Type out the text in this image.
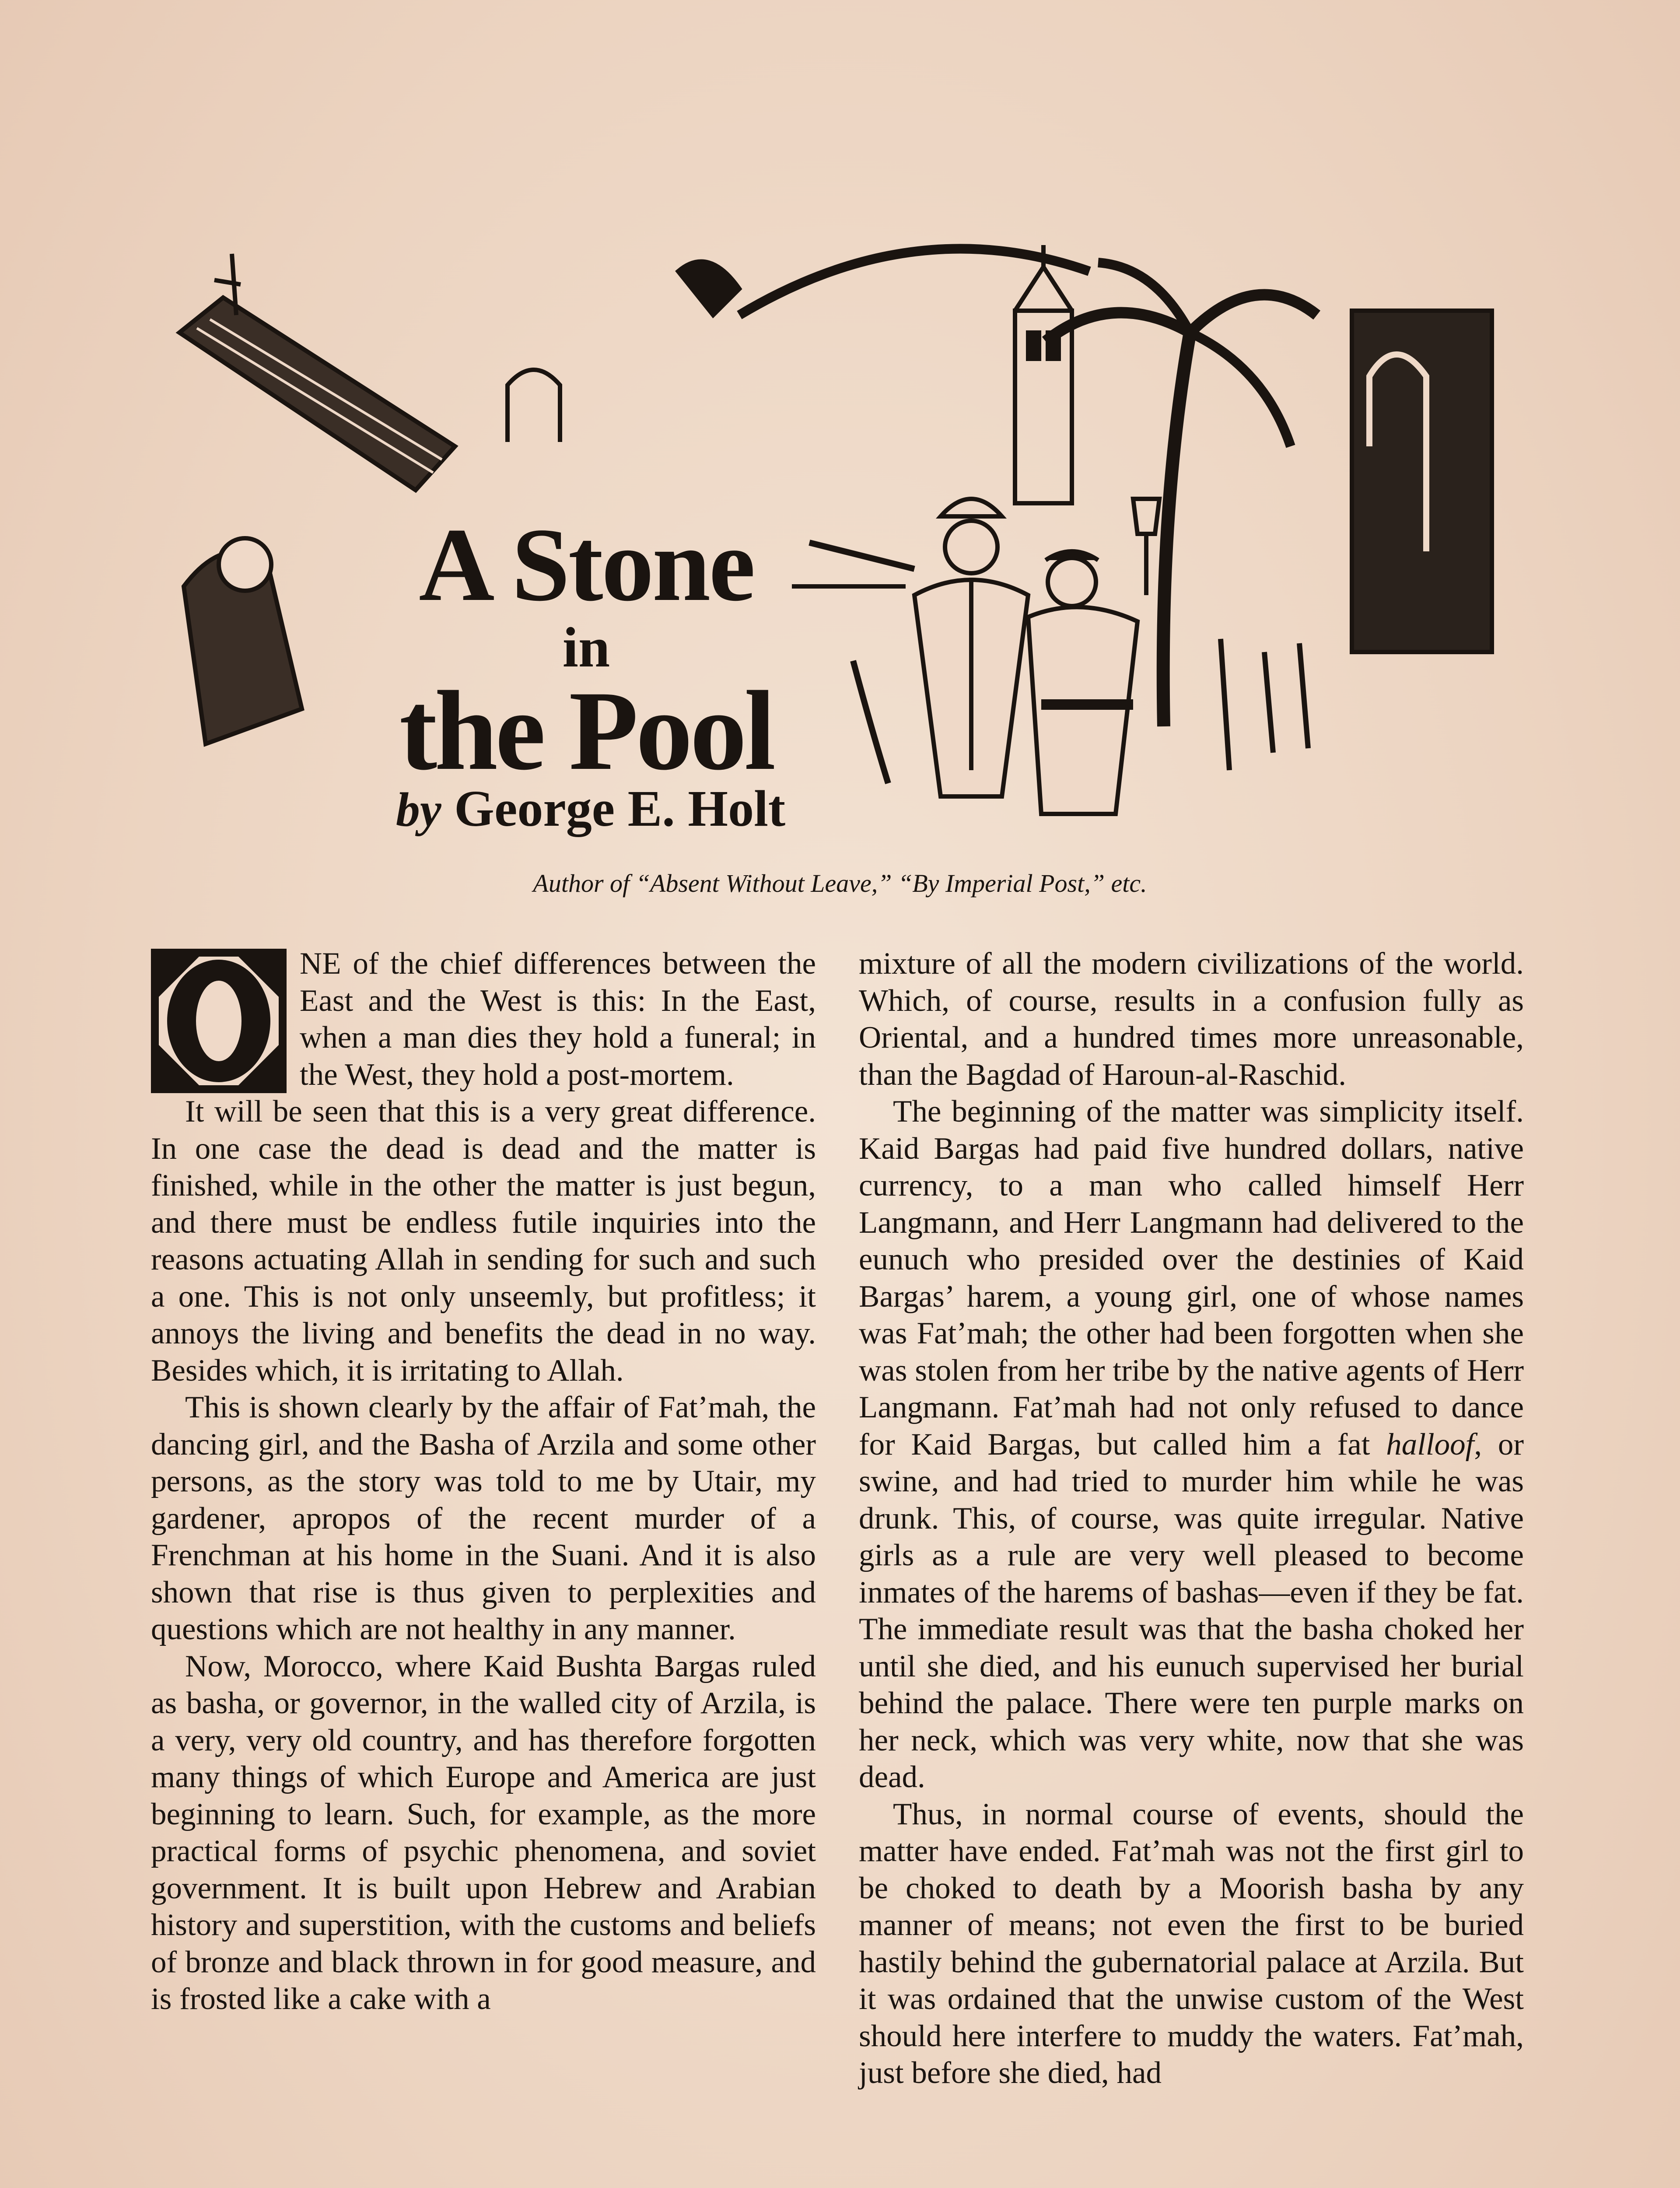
A Stone
in
the Pool
by George E. Holt
Author of “Absent Without Leave,” “By Imperial Post,” etc.

NE of the chief differences between the East and the West is this: In the East, when a man dies they hold a funeral; in the West, they hold a post-mortem.

It will be seen that this is a very great difference. In one case the dead is dead and the matter is finished, while in the other the matter is just begun, and there must be endless futile inquiries into the reasons actuating Allah in sending for such and such a one. This is not only unseemly, but profitless; it annoys the living and benefits the dead in no way. Besides which, it is irritating to Allah.

This is shown clearly by the affair of Fat’mah, the dancing girl, and the Basha of Arzila and some other persons, as the story was told to me by Utair, my gardener, apropos of the recent murder of a Frenchman at his home in the Suani. And it is also shown that rise is thus given to perplexities and questions which are not healthy in any manner.

Now, Morocco, where Kaid Bushta Bargas ruled as basha, or governor, in the walled city of Arzila, is a very, very old country, and has therefore forgotten many things of which Europe and America are just beginning to learn. Such, for example, as the more practical forms of psychic phenomena, and soviet government. It is built upon Hebrew and Arabian history and superstition, with the customs and beliefs of bronze and black thrown in for good measure, and is frosted like a cake with a

mixture of all the modern civilizations of the world. Which, of course, results in a confusion fully as Oriental, and a hundred times more unreasonable, than the Bagdad of Haroun-al-Raschid.

The beginning of the matter was simplicity itself. Kaid Bargas had paid five hundred dollars, native currency, to a man who called himself Herr Langmann, and Herr Langmann had delivered to the eunuch who presided over the destinies of Kaid Bargas’ harem, a young girl, one of whose names was Fat’mah; the other had been forgotten when she was stolen from her tribe by the native agents of Herr Langmann. Fat’mah had not only refused to dance for Kaid Bargas, but called him a fat halloof, or swine, and had tried to murder him while he was drunk. This, of course, was quite irregular. Native girls as a rule are very well pleased to become inmates of the harems of bashas—even if they be fat. The immediate result was that the basha choked her until she died, and his eunuch supervised her burial behind the palace. There were ten purple marks on her neck, which was very white, now that she was dead.

Thus, in normal course of events, should the matter have ended. Fat’mah was not the first girl to be choked to death by a Moorish basha by any manner of means; not even the first to be buried hastily behind the gubernatorial palace at Arzila. But it was ordained that the unwise custom of the West should here interfere to muddy the waters. Fat’mah, just before she died, had
